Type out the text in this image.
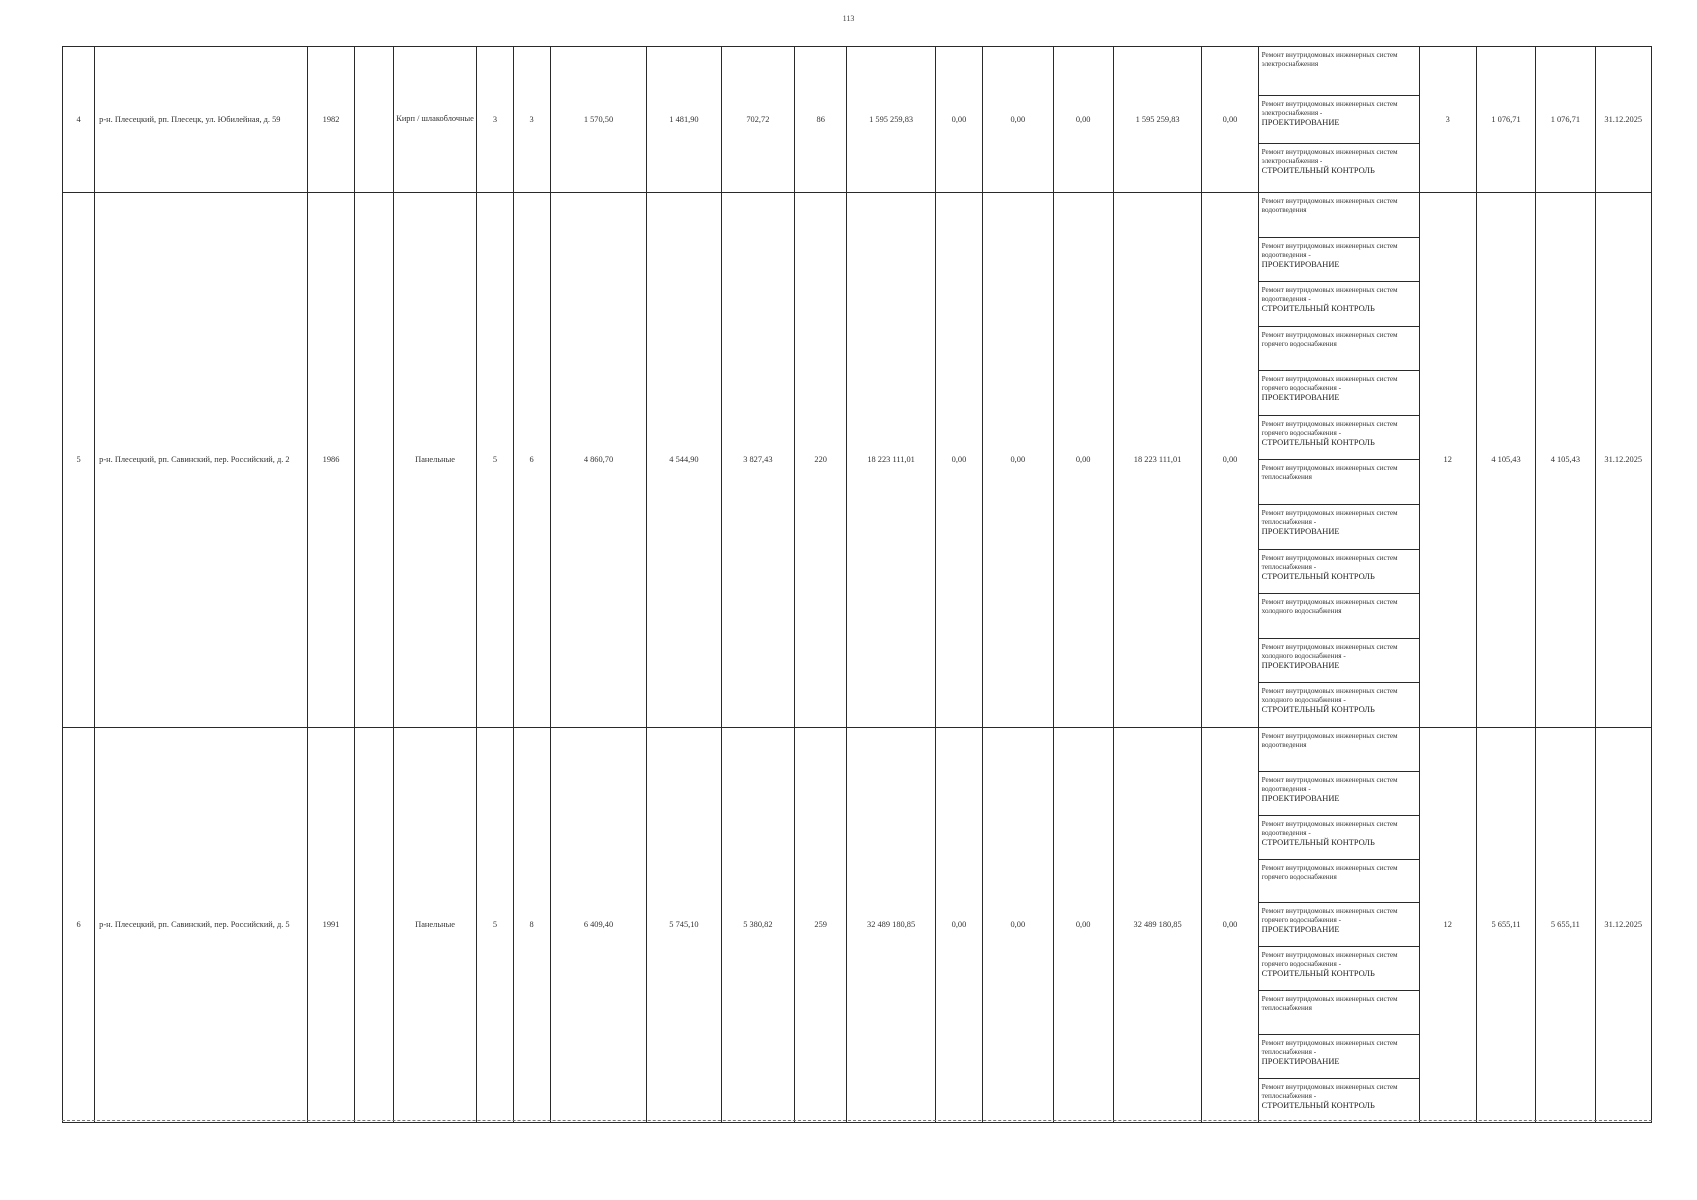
113
4	р-н. Плесецкий, рп. Плесецк, ул. Юбилейная, д. 59	1982		Кирп / шлакоблочные	3	3	1 570,50	1 481,90	702,72	86	1 595 259,83	0,00	0,00	0,00	1 595 259,83	0,00	Ремонт внутридомовых инженерных систем электроснабжения	3	1 076,71	1 076,71	31.12.2025
																	Ремонт внутридомовых инженерных систем электроснабжения -
ПРОЕКТИРОВАНИЕ				
																	Ремонт внутридомовых инженерных систем электроснабжения -
СТРОИТЕЛЬНЫЙ КОНТРОЛЬ				
5	р-н. Плесецкий, рп. Савинский, пер. Российский, д. 2	1986		Панельные	5	6	4 860,70	4 544,90	3 827,43	220	18 223 111,01	0,00	0,00	0,00	18 223 111,01	0,00	Ремонт внутридомовых инженерных систем водоотведения	12	4 105,43	4 105,43	31.12.2025
																	Ремонт внутридомовых инженерных систем водоотведения -
ПРОЕКТИРОВАНИЕ				
																	Ремонт внутридомовых инженерных систем водоотведения -
СТРОИТЕЛЬНЫЙ КОНТРОЛЬ				
																	Ремонт внутридомовых инженерных систем горячего водоснабжения				
																	Ремонт внутридомовых инженерных систем горячего водоснабжения -
ПРОЕКТИРОВАНИЕ				
																	Ремонт внутридомовых инженерных систем горячего водоснабжения -
СТРОИТЕЛЬНЫЙ КОНТРОЛЬ				
																	Ремонт внутридомовых инженерных систем теплоснабжения				
																	Ремонт внутридомовых инженерных систем теплоснабжения -
ПРОЕКТИРОВАНИЕ				
																	Ремонт внутридомовых инженерных систем теплоснабжения -
СТРОИТЕЛЬНЫЙ КОНТРОЛЬ				
																	Ремонт внутридомовых инженерных систем холодного водоснабжения				
																	Ремонт внутридомовых инженерных систем холодного водоснабжения -
ПРОЕКТИРОВАНИЕ				
																	Ремонт внутридомовых инженерных систем холодного водоснабжения -
СТРОИТЕЛЬНЫЙ КОНТРОЛЬ				
6	р-н. Плесецкий, рп. Савинский, пер. Российский, д. 5	1991		Панельные	5	8	6 409,40	5 745,10	5 380,82	259	32 489 180,85	0,00	0,00	0,00	32 489 180,85	0,00	Ремонт внутридомовых инженерных систем водоотведения	12	5 655,11	5 655,11	31.12.2025
																	Ремонт внутридомовых инженерных систем водоотведения -
ПРОЕКТИРОВАНИЕ				
																	Ремонт внутридомовых инженерных систем водоотведения -
СТРОИТЕЛЬНЫЙ КОНТРОЛЬ				
																	Ремонт внутридомовых инженерных систем горячего водоснабжения				
																	Ремонт внутридомовых инженерных систем горячего водоснабжения -
ПРОЕКТИРОВАНИЕ				
																	Ремонт внутридомовых инженерных систем горячего водоснабжения -
СТРОИТЕЛЬНЫЙ КОНТРОЛЬ				
																	Ремонт внутридомовых инженерных систем теплоснабжения				
																	Ремонт внутридомовых инженерных систем теплоснабжения -
ПРОЕКТИРОВАНИЕ				
																	Ремонт внутридомовых инженерных систем теплоснабжения -
СТРОИТЕЛЬНЫЙ КОНТРОЛЬ				
